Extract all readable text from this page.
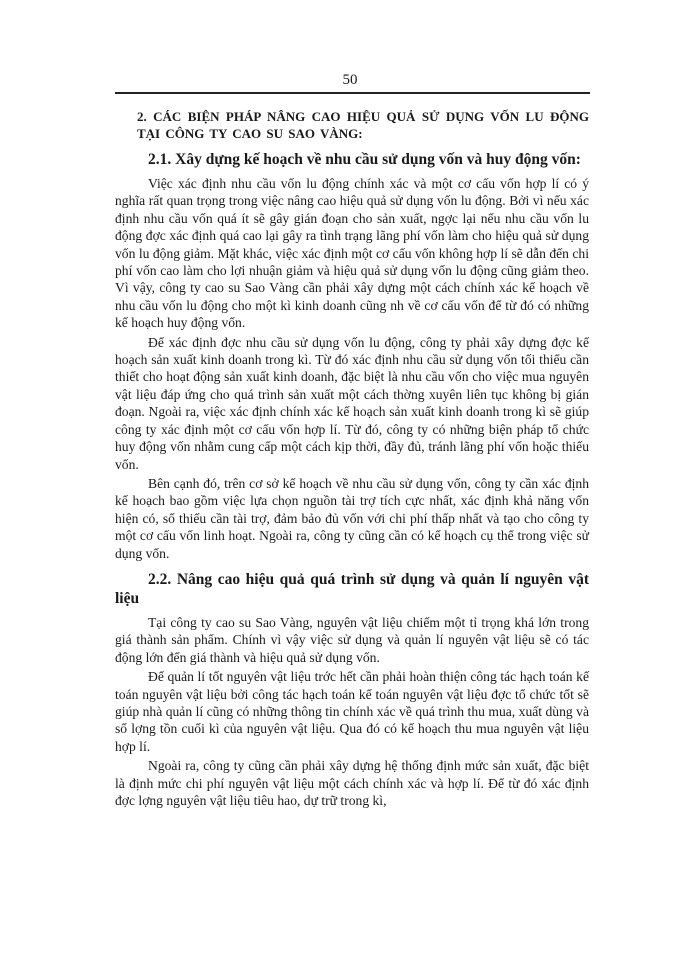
50

2. CÁC BIỆN PHÁP NÂNG CAO HIỆU QUẢ SỬ DỤNG VỐN LU ĐỘNG TẠI CÔNG TY CAO SU SAO VÀNG:

2.1. Xây dựng kế hoạch về nhu cầu sử dụng vốn và huy động vốn:

Việc xác định nhu cầu vốn lu động chính xác và một cơ cấu vốn hợp lí có ý nghĩa rất quan trọng trong việc nâng cao hiệu quả sử dụng vốn lu động. Bởi vì nếu xác định nhu cầu vốn quá ít sẽ gây gián đoạn cho sản xuất, ngợc lại nếu nhu cầu vốn lu động đợc xác định quá cao lại gây ra tình trạng lãng phí vốn làm cho hiệu quả sử dụng vốn lu động giảm. Mặt khác, việc xác định một cơ cấu vốn không hợp lí sẽ dẫn đến chi phí vốn cao làm cho lợi nhuận giảm và hiệu quả sử dụng vốn lu động cũng giảm theo. Vì vậy, công ty cao su Sao Vàng cần phải xây dựng một cách chính xác kế hoạch về nhu cầu vốn lu động cho một kì kinh doanh cũng nh về cơ cấu vốn để từ đó có những kế hoạch huy động vốn.

Để xác định đợc nhu cầu sử dụng vốn lu động, công ty phải xây dựng đợc kế hoạch sản xuất kinh doanh trong kì. Từ đó xác định nhu cầu sử dụng vốn tối thiểu cần thiết cho hoạt động sản xuất kinh doanh, đặc biệt là nhu cầu vốn cho việc mua nguyên vật liệu đáp ứng cho quá trình sản xuất một cách thờng xuyên liên tục không bị gián đoạn. Ngoài ra, việc xác định chính xác kế hoạch sản xuất kinh doanh trong kì sẽ giúp công ty xác định một cơ cấu vốn hợp lí. Từ đó, công ty có những biện pháp tổ chức huy động vốn nhằm cung cấp một cách kịp thời, đầy đủ, tránh lãng phí vốn hoặc thiếu vốn.

Bên cạnh đó, trên cơ sở kế hoạch về nhu cầu sử dụng vốn, công ty cần xác định kế hoạch bao gồm việc lựa chọn nguồn tài trợ tích cực nhất, xác định khả năng vốn hiện có, số thiếu cần tài trợ, đảm bảo đủ vốn với chi phí thấp nhất và tạo cho công ty một cơ cấu vốn linh hoạt. Ngoài ra, công ty cũng cần có kế hoạch cụ thể trong việc sử dụng vốn.

2.2. Nâng cao hiệu quả quá trình sử dụng và quản lí nguyên vật liệu

Tại công ty cao su Sao Vàng, nguyên vật liệu chiếm một tỉ trọng khá lớn trong giá thành sản phẩm. Chính vì vậy việc sử dụng và quản lí nguyên vật liệu sẽ có tác động lớn đến giá thành và hiệu quả sử dụng vốn.

Để quản lí tốt nguyên vật liệu trớc hết cần phải hoàn thiện công tác hạch toán kế toán nguyên vật liệu bởi công tác hạch toán kế toán nguyên vật liệu đợc tổ chức tốt sẽ giúp nhà quản lí cũng có những thông tin chính xác về quá trình thu mua, xuất dùng và số lợng tồn cuối kì của nguyên vật liệu. Qua đó có kế hoạch thu mua nguyên vật liệu hợp lí.

Ngoài ra, công ty cũng cần phải xây dựng hệ thống định mức sản xuất, đặc biệt là định mức chi phí nguyên vật liệu một cách chính xác và hợp lí. Để từ đó xác định đợc lợng nguyên vật liệu tiêu hao, dự trữ trong kì,
